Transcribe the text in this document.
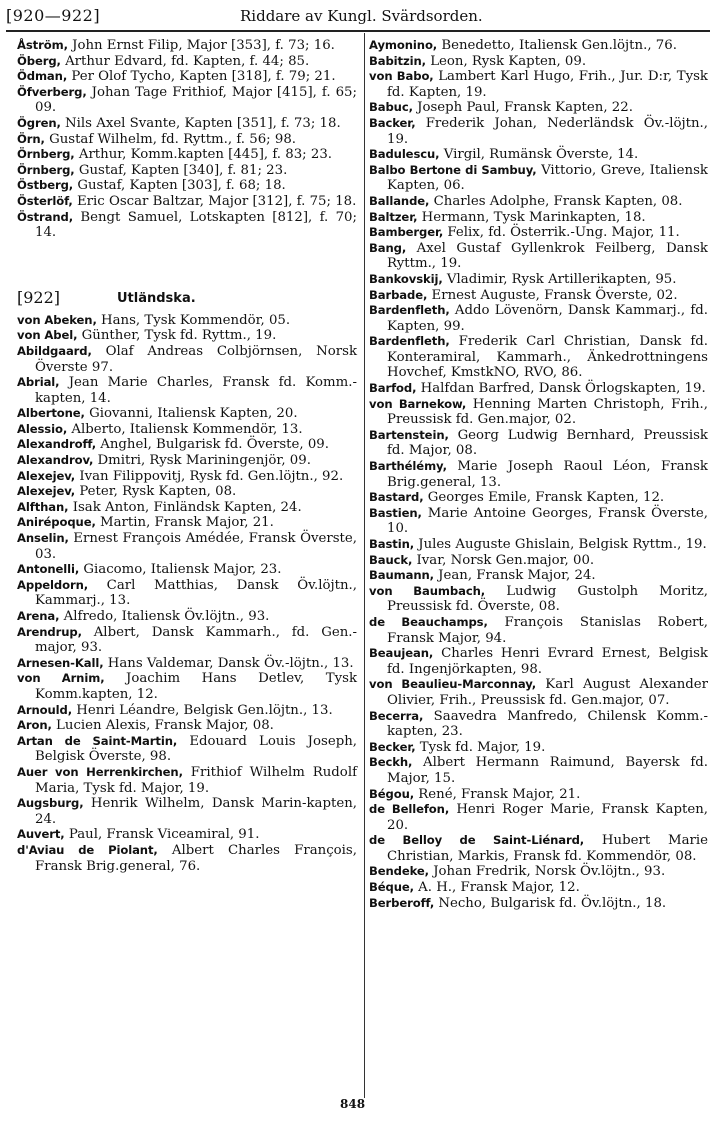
[920—922]	Riddare av Kungl. Svärdsorden.

Åström, John Ernst Filip, Major [353], f. 73; 16.

Öberg, Arthur Edvard, fd. Kapten, f. 44; 85.

Ödman, Per Olof Tycho, Kapten [318], f. 79; 21.

Öfverberg, Johan Tage Frithiof, Major [415], f. 65; 09.

Ögren, Nils Axel Svante, Kapten [351], f. 73; 18.

Örn, Gustaf Wilhelm, fd. Ryttm., f. 56; 98.

Örnberg, Arthur, Komm.kapten [445], f. 83; 23.

Örnberg, Gustaf, Kapten [340], f. 81; 23.

Östberg, Gustaf, Kapten [303], f. 68; 18.

Österlöf, Eric Oscar Baltzar, Major [312], f. 75; 18.

Östrand, Bengt Samuel, Lotskapten [812], f. 70; 14.

[922]	Utländska.

von Abeken, Hans, Tysk Kommendör, 05.

von Abel, Günther, Tysk fd. Ryttm., 19.

Abildgaard, Olaf Andreas Colbjörnsen, Norsk Överste 97.

Abrial, Jean Marie Charles, Fransk fd. Komm.-kapten, 14.

Albertone, Giovanni, Italiensk Kapten, 20.

Alessio, Alberto, Italiensk Kommendör, 13.

Alexandroff, Anghel, Bulgarisk fd. Överste, 09.

Alexandrov, Dmitri, Rysk Mariningenjör, 09.

Alexejev, Ivan Filippovitj, Rysk fd. Gen.löjtn., 92.

Alexejev, Peter, Rysk Kapten, 08.

Alfthan, Isak Anton, Finländsk Kapten, 24.

Anirépoque, Martin, Fransk Major, 21.

Anselin, Ernest François Amédée, Fransk Överste, 03.

Antonelli, Giacomo, Italiensk Major, 23.

Appeldorn, Carl Matthias, Dansk Öv.löjtn., Kammarj., 13.

Arena, Alfredo, Italiensk Öv.löjtn., 93.

Arendrup, Albert, Dansk Kammarh., fd. Gen.-major, 93.

Arnesen-Kall, Hans Valdemar, Dansk Öv.-löjtn., 13.

von Arnim, Joachim Hans Detlev, Tysk Komm.kapten, 12.

Arnould, Henri Léandre, Belgisk Gen.löjtn., 13.

Aron, Lucien Alexis, Fransk Major, 08.

Artan de Saint-Martin, Edouard Louis Joseph, Belgisk Överste, 98.

Auer von Herrenkirchen, Frithiof Wilhelm Rudolf Maria, Tysk fd. Major, 19.

Augsburg, Henrik Wilhelm, Dansk Marin-kapten, 24.

Auvert, Paul, Fransk Viceamiral, 91.

d'Aviau de Piolant, Albert Charles François, Fransk Brig.general, 76.

Aymonino, Benedetto, Italiensk Gen.löjtn., 76.

Babitzin, Leon, Rysk Kapten, 09.

von Babo, Lambert Karl Hugo, Frih., Jur. D:r, Tysk fd. Kapten, 19.

Babuc, Joseph Paul, Fransk Kapten, 22.

Backer, Frederik Johan, Nederländsk Öv.-löjtn., 19.

Badulescu, Virgil, Rumänsk Överste, 14.

Balbo Bertone di Sambuy, Vittorio, Greve, Italiensk Kapten, 06.

Ballande, Charles Adolphe, Fransk Kapten, 08.

Baltzer, Hermann, Tysk Marinkapten, 18.

Bamberger, Felix, fd. Österrik.-Ung. Major, 11.

Bang, Axel Gustaf Gyllenkrok Feilberg, Dansk Ryttm., 19.

Bankovskij, Vladimir, Rysk Artillerikapten, 95.

Barbade, Ernest Auguste, Fransk Överste, 02.

Bardenfleth, Addo Lövenörn, Dansk Kammarj., fd. Kapten, 99.

Bardenfleth, Frederik Carl Christian, Dansk fd. Konteramiral, Kammarh., Änkedrottningens Hovchef, KmstkNO, RVO, 86.

Barfod, Halfdan Barfred, Dansk Örlogskapten, 19.

von Barnekow, Henning Marten Christoph, Frih., Preussisk fd. Gen.major, 02.

Bartenstein, Georg Ludwig Bernhard, Preussisk fd. Major, 08.

Barthélémy, Marie Joseph Raoul Léon, Fransk Brig.general, 13.

Bastard, Georges Emile, Fransk Kapten, 12.

Bastien, Marie Antoine Georges, Fransk Överste, 10.

Bastin, Jules Auguste Ghislain, Belgisk Ryttm., 19.

Bauck, Ivar, Norsk Gen.major, 00.

Baumann, Jean, Fransk Major, 24.

von Baumbach, Ludwig Gustolph Moritz, Preussisk fd. Överste, 08.

de Beauchamps, François Stanislas Robert, Fransk Major, 94.

Beaujean, Charles Henri Evrard Ernest, Belgisk fd. Ingenjörkapten, 98.

von Beaulieu-Marconnay, Karl August Alexander Olivier, Frih., Preussisk fd. Gen.major, 07.

Becerra, Saavedra Manfredo, Chilensk Komm.-kapten, 23.

Becker, Tysk fd. Major, 19.

Beckh, Albert Hermann Raimund, Bayersk fd. Major, 15.

Bégou, René, Fransk Major, 21.

de Bellefon, Henri Roger Marie, Fransk Kapten, 20.

de Belloy de Saint-Liénard, Hubert Marie Christian, Markis, Fransk fd. Kommendör, 08.

Bendeke, Johan Fredrik, Norsk Öv.löjtn., 93.

Béque, A. H., Fransk Major, 12.

Berberoff, Necho, Bulgarisk fd. Öv.löjtn., 18.

848
